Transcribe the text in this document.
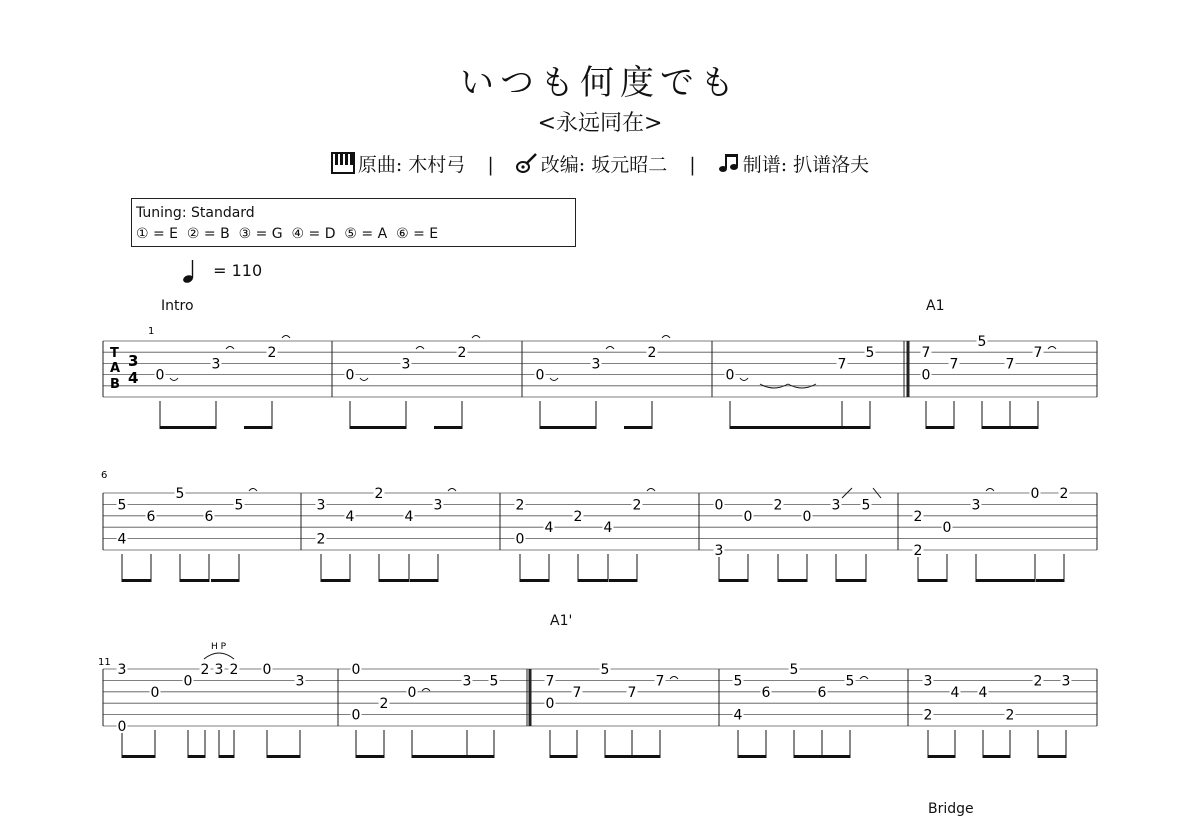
いつも何度でも
<永远同在>
原曲: 木村弓 | 改编: 坂元昭二 | 制谱: 扒谱洛夫
Tuning: Standard
① = E  ② = B  ③ = G  ④ = D  ⑤ = A  ⑥ = E
= 110
Intro	A1
A1'
Bridge
0
3
2
0
3
2
0
3
2
0
7
5	7
0
7
5
7
7
5
4
6
5
6
5	3
2
4
2
4
3	2
0
4
2
4
2	0
3
0
2
0
3 5
2
2
0
3
0 2
3
0
0
0
2 3 2 0
3
0
0
2
0
3 5	7
0
7
5
7
7	5
4
6
5
6
5	3
2
4 4
2
2 3
T
A
B
3
4
1
6
11
H P
